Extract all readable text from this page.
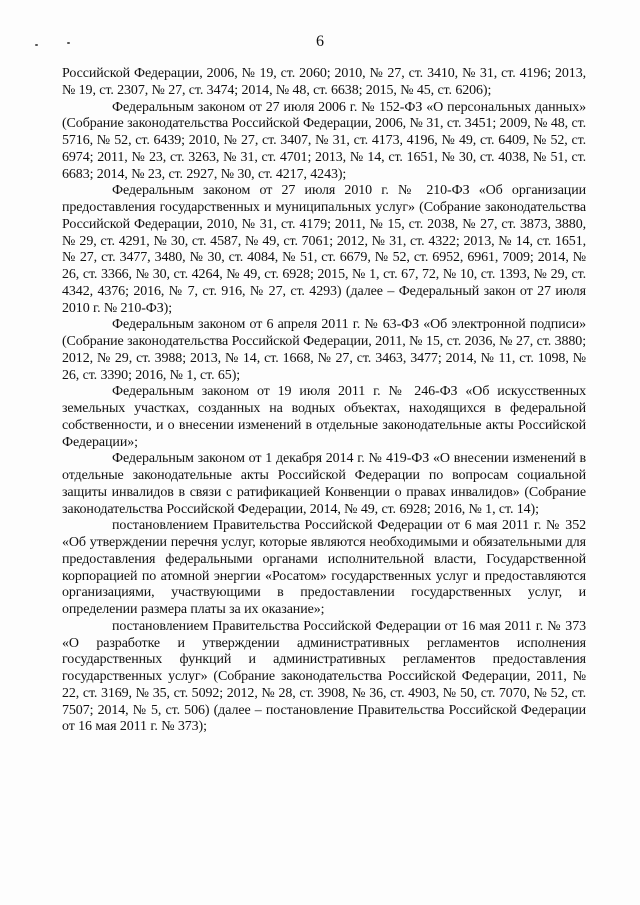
6

Российской Федерации, 2006, № 19, ст. 2060; 2010, № 27, ст. 3410, № 31, ст. 4196; 2013, № 19, ст. 2307, № 27, ст. 3474; 2014, № 48, ст. 6638; 2015, № 45, ст. 6206);

Федеральным законом от 27 июля 2006 г. № 152-ФЗ «О персональных данных» (Собрание законодательства Российской Федерации, 2006, № 31, ст. 3451; 2009, № 48, ст. 5716, № 52, ст. 6439; 2010, № 27, ст. 3407, № 31, ст. 4173, 4196, № 49, ст. 6409, № 52, ст. 6974; 2011, № 23, ст. 3263, № 31, ст. 4701; 2013, № 14, ст. 1651, № 30, ст. 4038, № 51, ст. 6683; 2014, № 23, ст. 2927, № 30, ст. 4217, 4243);

Федеральным законом от 27 июля 2010 г. № 210-ФЗ «Об организации предоставления государственных и муниципальных услуг» (Собрание законодательства Российской Федерации, 2010, № 31, ст. 4179; 2011, № 15, ст. 2038, № 27, ст. 3873, 3880, № 29, ст. 4291, № 30, ст. 4587, № 49, ст. 7061; 2012, № 31, ст. 4322; 2013, № 14, ст. 1651, № 27, ст. 3477, 3480, № 30, ст. 4084, № 51, ст. 6679, № 52, ст. 6952, 6961, 7009; 2014, № 26, ст. 3366, № 30, ст. 4264, № 49, ст. 6928; 2015, № 1, ст. 67, 72, № 10, ст. 1393, № 29, ст. 4342, 4376; 2016, № 7, ст. 916, № 27, ст. 4293) (далее – Федеральный закон от 27 июля 2010 г. № 210-ФЗ);

Федеральным законом от 6 апреля 2011 г. № 63-ФЗ «Об электронной подписи» (Собрание законодательства Российской Федерации, 2011, № 15, ст. 2036, № 27, ст. 3880; 2012, № 29, ст. 3988; 2013, № 14, ст. 1668, № 27, ст. 3463, 3477; 2014, № 11, ст. 1098, № 26, ст. 3390; 2016, № 1, ст. 65);

Федеральным законом от 19 июля 2011 г. № 246-ФЗ «Об искусственных земельных участках, созданных на водных объектах, находящихся в федеральной собственности, и о внесении изменений в отдельные законодательные акты Российской Федерации»;

Федеральным законом от 1 декабря 2014 г. № 419-ФЗ «О внесении изменений в отдельные законодательные акты Российской Федерации по вопросам социальной защиты инвалидов в связи с ратификацией Конвенции о правах инвалидов» (Собрание законодательства Российской Федерации, 2014, № 49, ст. 6928; 2016, № 1, ст. 14);

постановлением Правительства Российской Федерации от 6 мая 2011 г. № 352 «Об утверждении перечня услуг, которые являются необходимыми и обязательными для предоставления федеральными органами исполнительной власти, Государственной корпорацией по атомной энергии «Росатом» государственных услуг и предоставляются организациями, участвующими в предоставлении государственных услуг, и определении размера платы за их оказание»;

постановлением Правительства Российской Федерации от 16 мая 2011 г. № 373 «О разработке и утверждении административных регламентов исполнения государственных функций и административных регламентов предоставления государственных услуг» (Собрание законодательства Российской Федерации, 2011, № 22, ст. 3169, № 35, ст. 5092; 2012, № 28, ст. 3908, № 36, ст. 4903, № 50, ст. 7070, № 52, ст. 7507; 2014, № 5, ст. 506) (далее – постановление Правительства Российской Федерации от 16 мая 2011 г. № 373);
